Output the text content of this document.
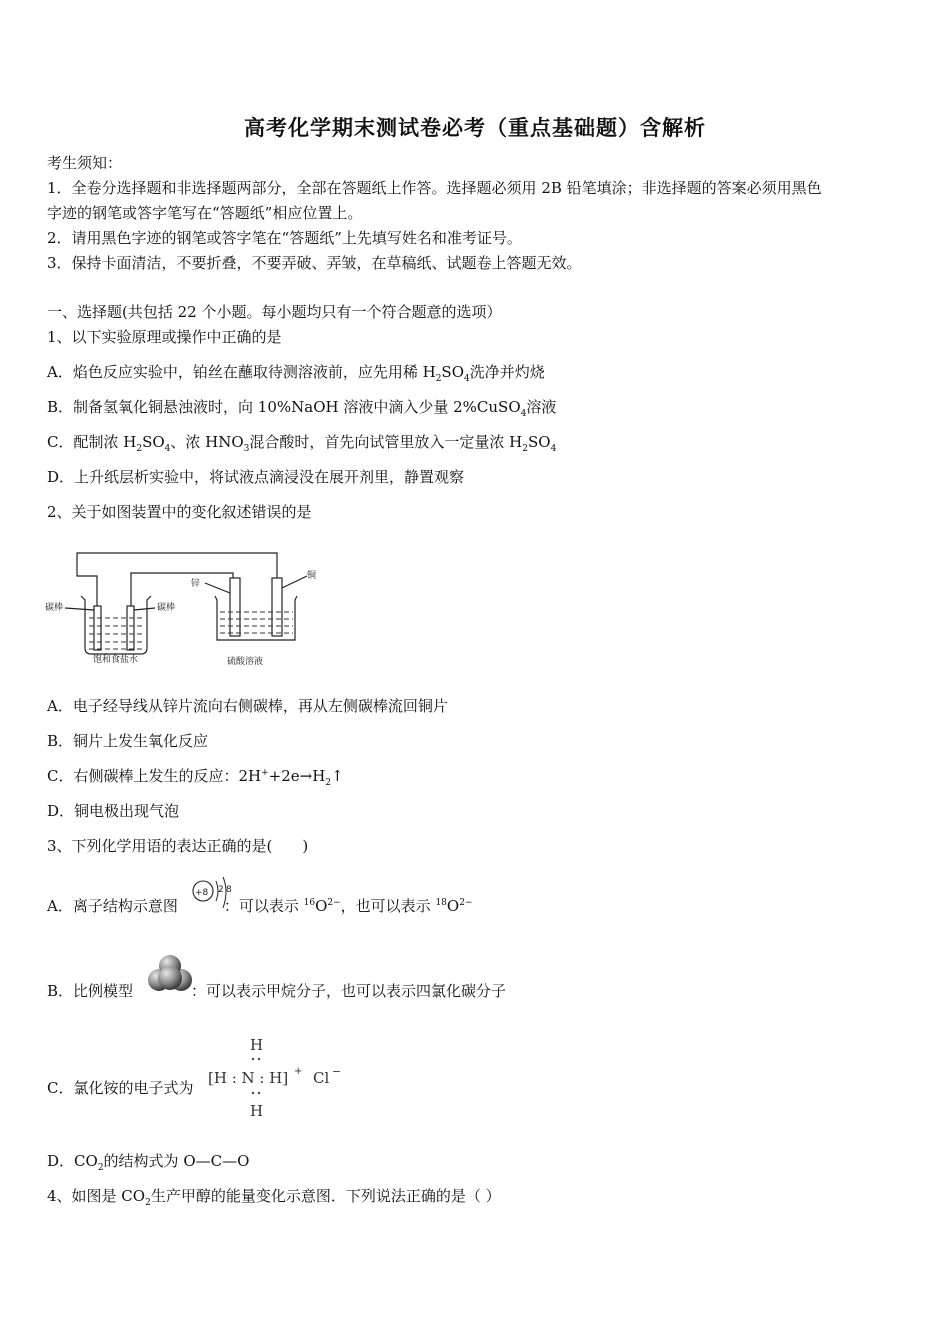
高考化学期末测试卷必考（重点基础题）含解析
考生须知：
1．全卷分选择题和非选择题两部分，全部在答题纸上作答。选择题必须用 2B 铅笔填涂；非选择题的答案必须用黑色
字迹的钢笔或答字笔写在“答题纸”相应位置上。
2．请用黑色字迹的钢笔或答字笔在“答题纸”上先填写姓名和准考证号。
3．保持卡面清洁，不要折叠，不要弄破、弄皱，在草稿纸、试题卷上答题无效。
一、选择题(共包括 22 个小题。每小题均只有一个符合题意的选项）
1、以下实验原理或操作中正确的是
A．焰色反应实验中，铂丝在蘸取待测溶液前，应先用稀 $H_2SO_4$洗净并灼烧
B．制备氢氧化铜悬浊液时，向 10%NaOH 溶液中滴入少量 2%CuSO$_4$溶液
C．配制浓 $H_2SO_4$、浓 $HNO_3$混合酸时，首先向试管里放入一定量浓 $H_2SO_4$
D．上升纸层析实验中，将试液点滴浸没在展开剂里，静置观察
2、关于如图装置中的变化叙述错误的是
碳棒	碳棒
锌
铜
饱和食盐水	硫酸溶液
A．电子经导线从锌片流向右侧碳棒，再从左侧碳棒流回铜片
B．铜片上发生氧化反应
C．右侧碳棒上发生的反应：$2H^++2e\to H_2↑$
D．铜电极出现气泡
3、下列化学用语的表达正确的是(　　)
A．离子结构示意图	：可以表示 $^{16}O^{2-}$，也可以表示 $^{18}O^{2-}$
+8 2 8
B．比例模型	：可以表示甲烷分子，也可以表示四氯化碳分子
C．氯化铵的电子式为
H
[H : N : H] + Cl −
H
D．$CO_2$的结构式为 O—C—O
4、如图是 $CO_2$生产甲醇的能量变化示意图．下列说法正确的是（ ）
